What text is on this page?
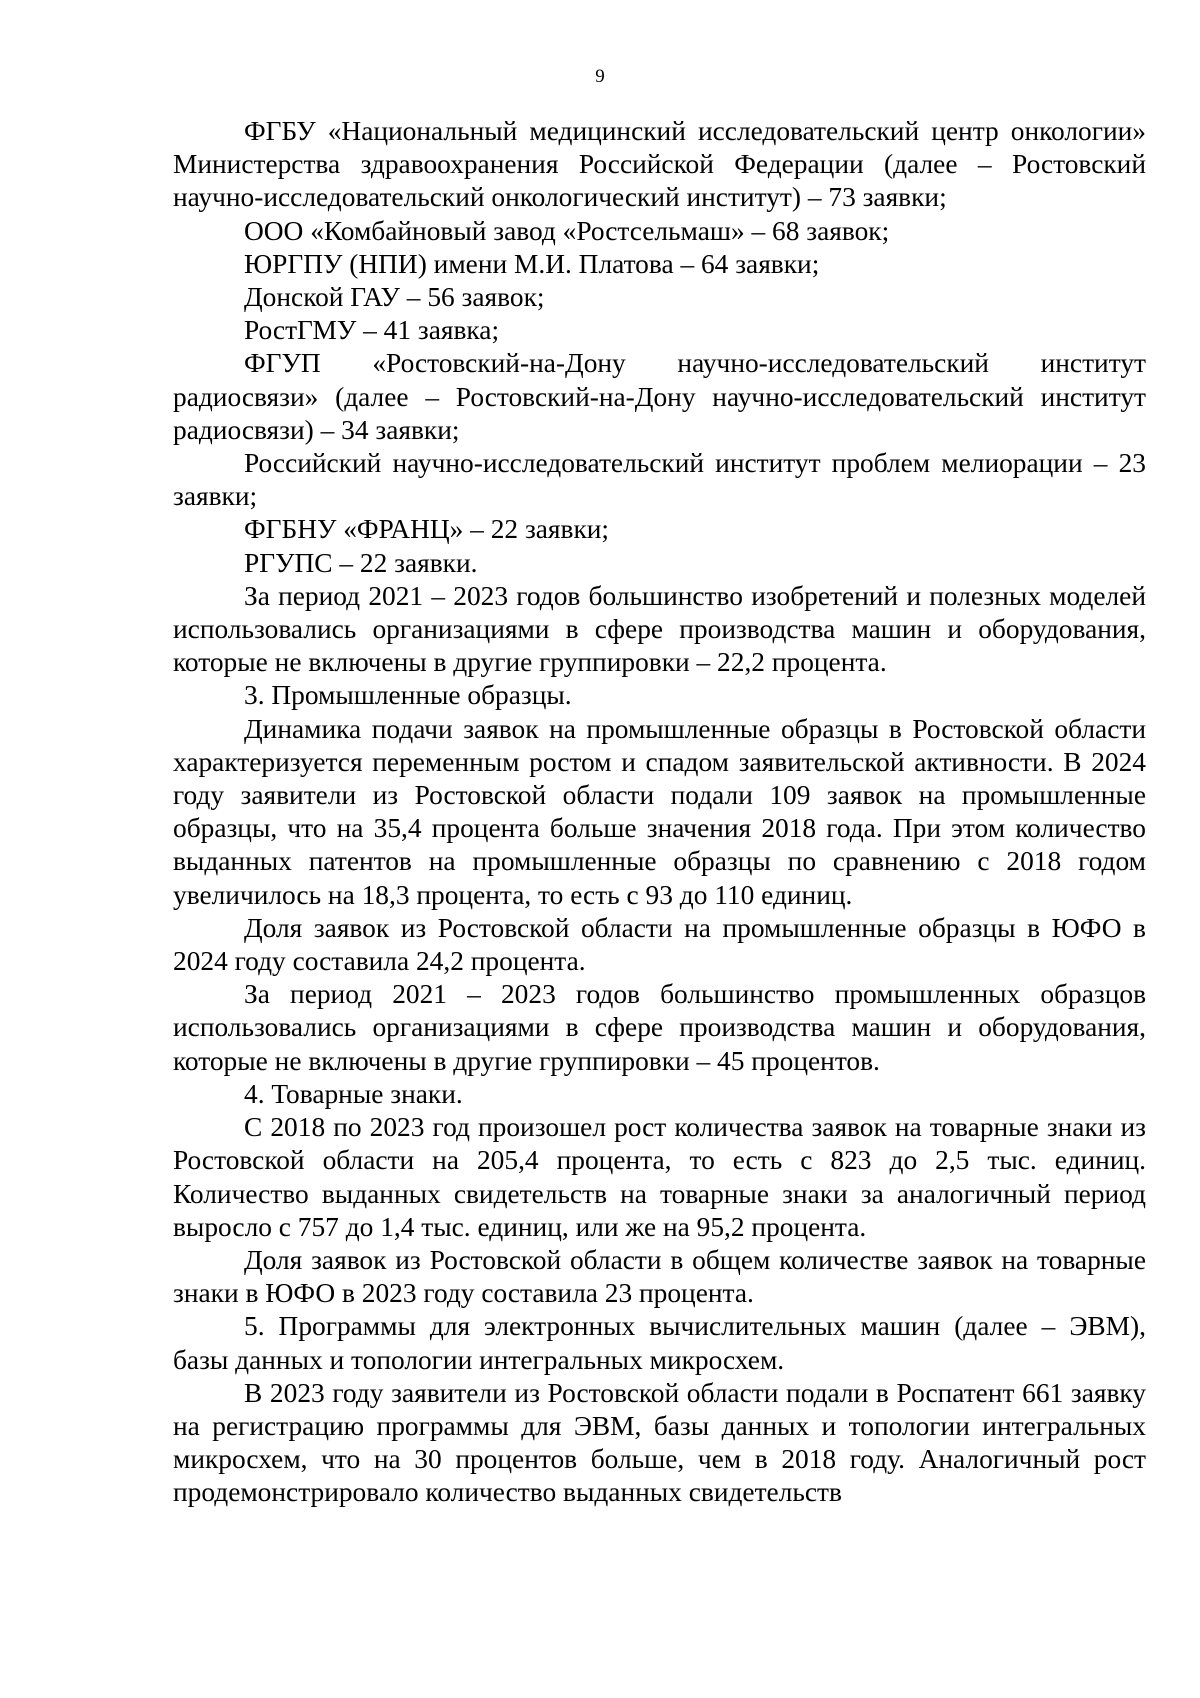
9

ФГБУ «Национальный медицинский исследовательский центр онкологии» Министерства здравоохранения Российской Федерации (далее – Ростовский научно-исследовательский онкологический институт) – 73 заявки;

ООО «Комбайновый завод «Ростсельмаш» – 68 заявок;

ЮРГПУ (НПИ) имени М.И. Платова – 64 заявки;

Донской ГАУ – 56 заявок;

РостГМУ – 41 заявка;

ФГУП «Ростовский-на-Дону научно-исследовательский институт радиосвязи» (далее – Ростовский-на-Дону научно-исследовательский институт радиосвязи) – 34 заявки;

Российский научно-исследовательский институт проблем мелиорации – 23 заявки;

ФГБНУ «ФРАНЦ» – 22 заявки;

РГУПС – 22 заявки.

За период 2021 – 2023 годов большинство изобретений и полезных моделей использовались организациями в сфере производства машин и оборудования, которые не включены в другие группировки – 22,2 процента.

3. Промышленные образцы.

Динамика подачи заявок на промышленные образцы в Ростовской области характеризуется переменным ростом и спадом заявительской активности. В 2024 году заявители из Ростовской области подали 109 заявок на промышленные образцы, что на 35,4 процента больше значения 2018 года. При этом количество выданных патентов на промышленные образцы по сравнению с 2018 годом увеличилось на 18,3 процента, то есть с 93 до 110 единиц.

Доля заявок из Ростовской области на промышленные образцы в ЮФО в 2024 году составила 24,2 процента.

За период 2021 – 2023 годов большинство промышленных образцов использовались организациями в сфере производства машин и оборудования, которые не включены в другие группировки – 45 процентов.

4. Товарные знаки.

С 2018 по 2023 год произошел рост количества заявок на товарные знаки из Ростовской области на 205,4 процента, то есть с 823 до 2,5 тыс. единиц. Количество выданных свидетельств на товарные знаки за аналогичный период выросло с 757 до 1,4 тыс. единиц, или же на 95,2 процента.

Доля заявок из Ростовской области в общем количестве заявок на товарные знаки в ЮФО в 2023 году составила 23 процента.

5. Программы для электронных вычислительных машин (далее – ЭВМ), базы данных и топологии интегральных микросхем.

В 2023 году заявители из Ростовской области подали в Роспатент 661 заявку на регистрацию программы для ЭВМ, базы данных и топологии интегральных микросхем, что на 30 процентов больше, чем в 2018 году. Аналогичный рост продемонстрировало количество выданных свидетельств
